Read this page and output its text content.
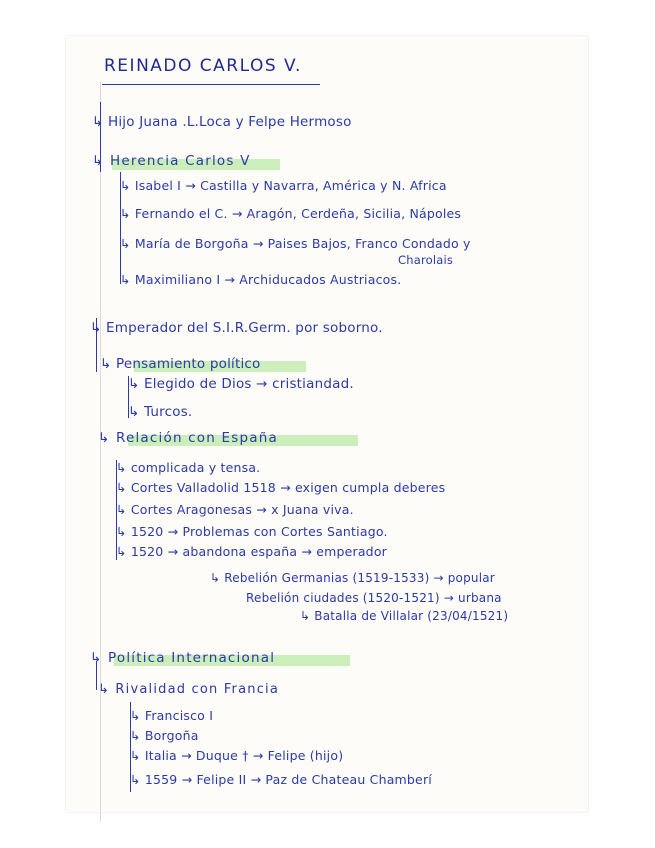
REINADO CARLOS V.
↳ Hijo Juana .L.Loca y Felpe Hermoso
↳ Herencia Carlos V
↳ Isabel I → Castilla y Navarra, América y N. Africa
↳ Fernando el C. → Aragón, Cerdeña, Sicilia, Nápoles
↳ María de Borgoña → Paises Bajos, Franco Condado y
Charolais
↳ Maximiliano I → Archiducados Austriacos.
↳ Emperador del S.I.R.Germ. por soborno.
↳ Pensamiento político
↳ Elegido de Dios → cristiandad.
↳ Turcos.
↳ Relación con España
↳ complicada y tensa.
↳ Cortes Valladolid 1518 → exigen cumpla deberes
↳ Cortes Aragonesas → x Juana viva.
↳ 1520 → Problemas con Cortes Santiago.
↳ 1520 → abandona españa → emperador
↳ Rebelión Germanias (1519-1533) → popular
Rebelión ciudades (1520-1521) → urbana
↳ Batalla de Villalar (23/04/1521)
↳ Política Internacional
↳ Rivalidad con Francia
↳ Francisco I
↳ Borgoña
↳ Italia → Duque † → Felipe (hijo)
↳ 1559 → Felipe II → Paz de Chateau Chamberí
